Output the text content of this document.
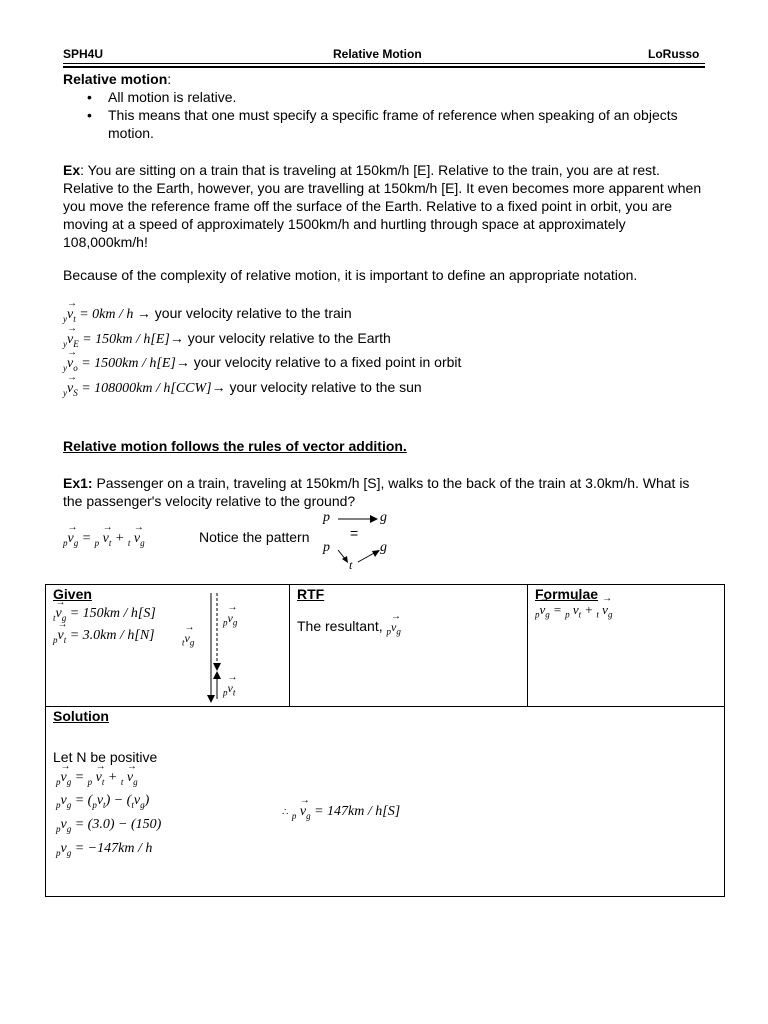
SPH4U	Relative Motion	LoRusso
Relative motion:
• All motion is relative.
• This means that one must specify a specific frame of reference when speaking of an objects motion.
Ex: You are sitting on a train that is traveling at 150km/h [E]. Relative to the train, you are at rest. Relative to the Earth, however, you are travelling at 150km/h [E]. It even becomes more apparent when you move the reference frame off the surface of the Earth. Relative to a fixed point in orbit, you are moving at a speed of approximately 1500km/h and hurtling through space at approximately 108,000km/h!
Because of the complexity of relative motion, it is important to define an appropriate notation.
$_y\to v_t = 0km / h$ → your velocity relative to the train
$_y\to v_E = 150km / h[E]\to$ your velocity relative to the Earth
$_y\to v_o = 1500km / h[E]\to$ your velocity relative to a fixed point in orbit
$_y\to v_S = 108000km / h[CCW]\to$ your velocity relative to the sun
Relative motion follows the rules of vector addition.
Ex1: Passenger on a train, traveling at 150km/h [S], walks to the back of the train at 3.0km/h. What is the passenger's velocity relative to the ground?
$_p\to v_g = _p \to v_t + _t \to v_g$	Notice the pattern
p	g
=
p	g
t
Given
$_t\to v_g = 150km / h[S]$
$_p\to v_t = 3.0km / h[N]$	$_t\to v_g$
$_p\to v_g$
$_p\to v_t$

RTF
The resultant, $_p\to v_g$

Formulae
$_p\to v_g = _p \to v_t + _t \to v_g$

Solution
Let N be positive
$_p\to v_g = _p \to v_t + _t \to v_g$
$_pv_g = (_pv_t) - (_tv_g)$
$_pv_g = (3.0) - (150)$
$_pv_g = -147km / h$
∴ $_p \to v_g = 147km / h[S]$
